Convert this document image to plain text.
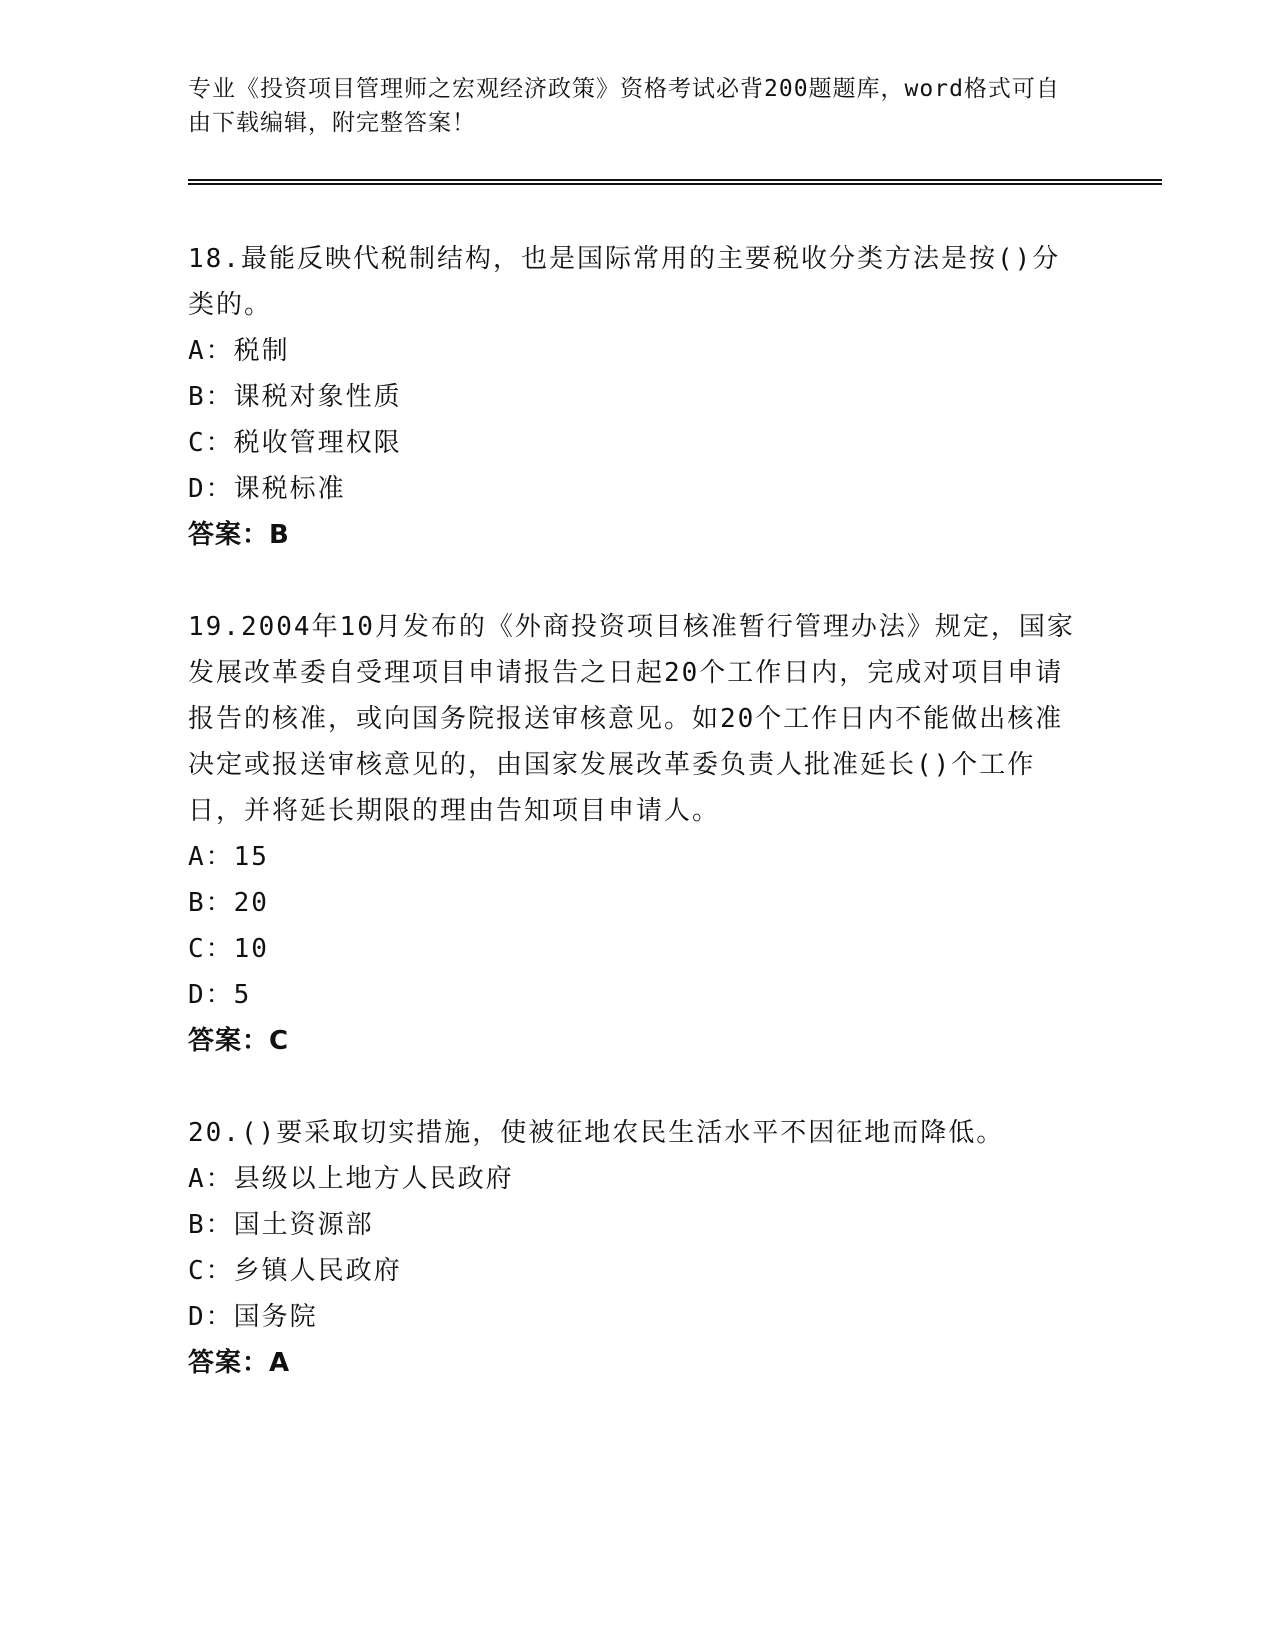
专业《投资项目管理师之宏观经济政策》资格考试必背200题题库，word格式可自由下载编辑，附完整答案！

18.最能反映代税制结构，也是国际常用的主要税收分类方法是按()分类的。

A：税制

B：课税对象性质

C：税收管理权限

D：课税标准

答案：B

19.2004年10月发布的《外商投资项目核准暂行管理办法》规定，国家发展改革委自受理项目申请报告之日起20个工作日内，完成对项目申请报告的核准，或向国务院报送审核意见。如20个工作日内不能做出核准决定或报送审核意见的，由国家发展改革委负责人批准延长()个工作日，并将延长期限的理由告知项目申请人。

A：15

B：20

C：10

D：5

答案：C

20.()要采取切实措施，使被征地农民生活水平不因征地而降低。

A：县级以上地方人民政府

B：国土资源部

C：乡镇人民政府

D：国务院

答案：A
